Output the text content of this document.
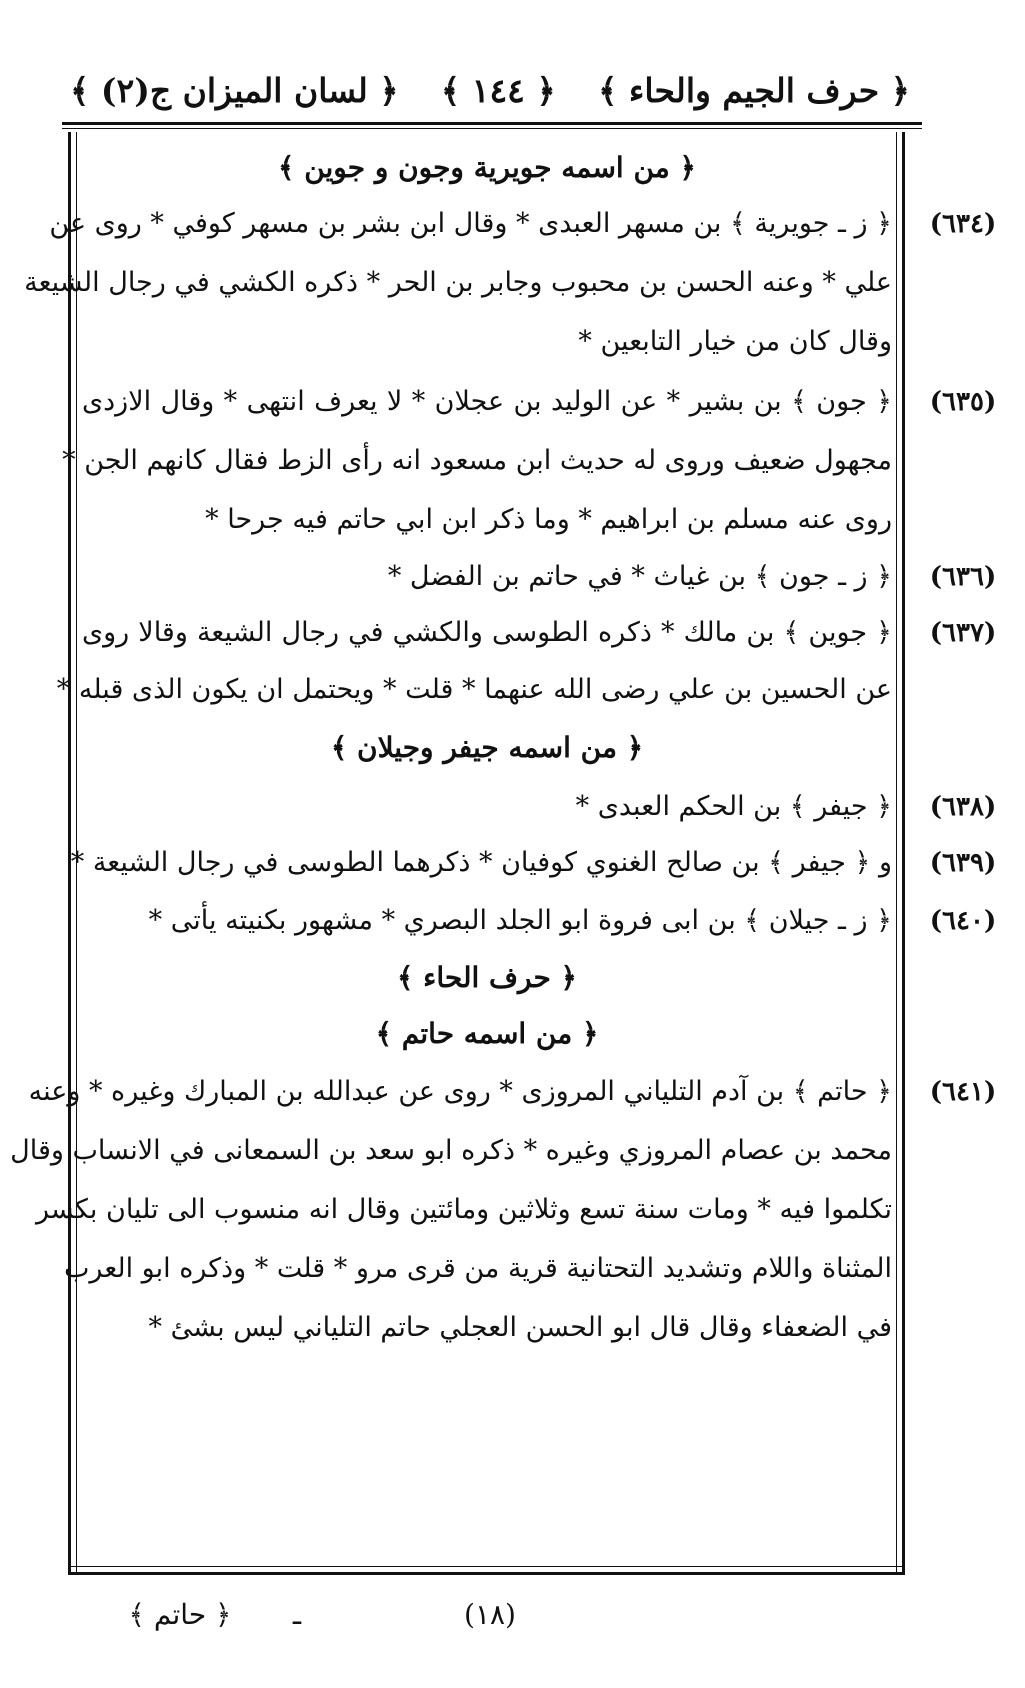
﴿ حرف الجيم والحاء ﴾
﴿ ١٤٤ ﴾
﴿ لسان الميزان ج(٢) ﴾
﴿ من اسمه جويرية وجون و جوين ﴾
(٦٣٤)
﴿ ز ـ جويرية ﴾ بن مسهر العبدى * وقال ابن بشر بن مسهر كوفي * روى عن
علي * وعنه الحسن بن محبوب وجابر بن الحر * ذكره الكشي في رجال الشيعة
وقال كان من خيار التابعين *
(٦٣٥)
﴿ جون ﴾ بن بشير * عن الوليد بن عجلان * لا يعرف انتهى * وقال الازدى
مجهول ضعيف وروى له حديث ابن مسعود انه رأى الزط فقال كانهم الجن *
روى عنه مسلم بن ابراهيم * وما ذكر ابن ابي حاتم فيه جرحا *
(٦٣٦)
﴿ ز ـ جون ﴾ بن غياث * في حاتم بن الفضل *
(٦٣٧)
﴿ جوين ﴾ بن مالك * ذكره الطوسى والكشي في رجال الشيعة وقالا روى
عن الحسين بن علي رضى الله عنهما * قلت * ويحتمل ان يكون الذى قبله *
﴿ من اسمه جيفر وجيلان ﴾
(٦٣٨)
﴿ جيفر ﴾ بن الحكم العبدى *
(٦٣٩)
و ﴿ جيفر ﴾ بن صالح الغنوي كوفيان * ذكرهما الطوسى في رجال الشيعة *
(٦٤٠)
﴿ ز ـ جيلان ﴾ بن ابى فروة ابو الجلد البصري * مشهور بكنيته يأتى *
﴿ حرف الحاء ﴾
﴿ من اسمه حاتم ﴾
(٦٤١)
﴿ حاتم ﴾ بن آدم التلياني المروزى * روى عن عبدالله بن المبارك وغيره * وعنه
محمد بن عصام المروزي وغيره * ذكره ابو سعد بن السمعانى في الانساب وقال
تكلموا فيه * ومات سنة تسع وثلاثين ومائتين وقال انه منسوب الى تليان بكسر
المثناة واللام وتشديد التحتانية قرية من قرى مرو * قلت * وذكره ابو العرب
في الضعفاء وقال قال ابو الحسن العجلي حاتم التلياني ليس بشئ *
﴿ حاتم ﴾	ـ	(١٨)
